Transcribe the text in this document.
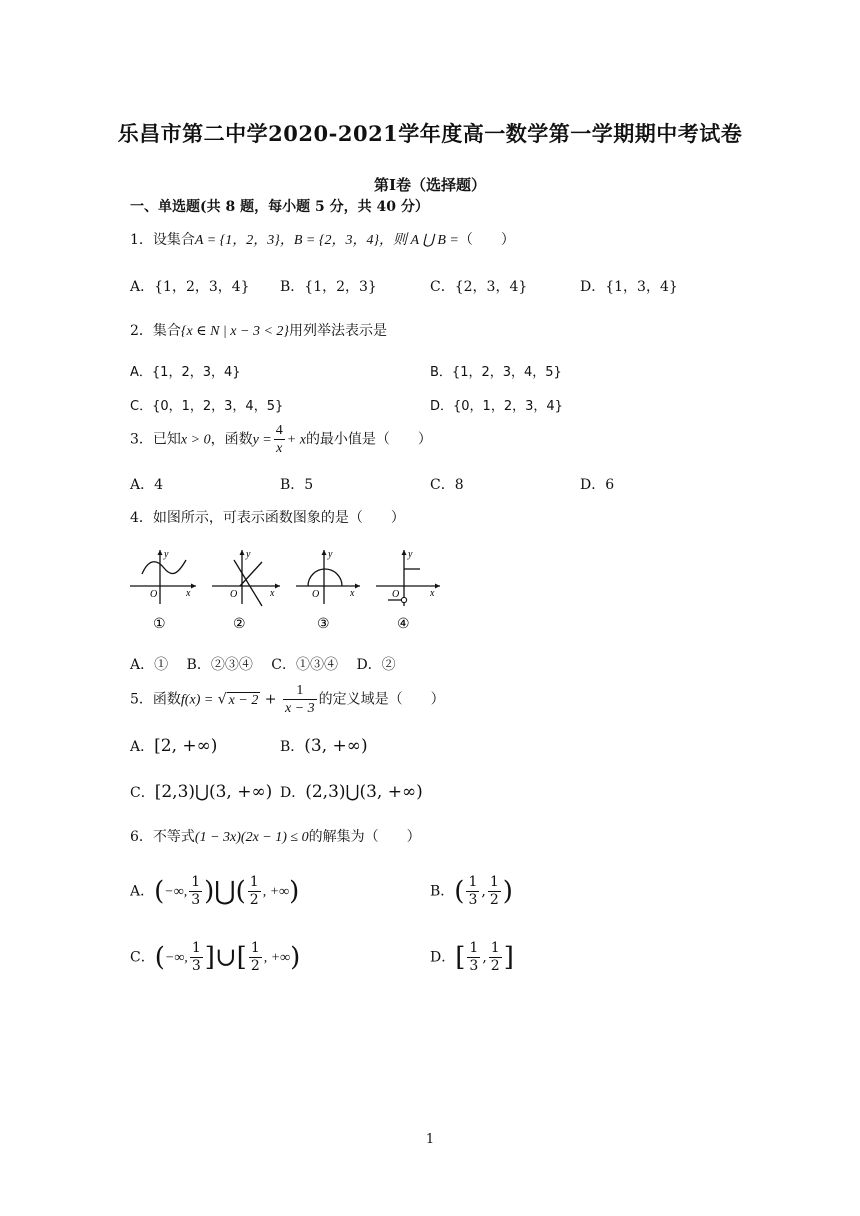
乐昌市第二中学2020-2021学年度高一数学第一学期期中考试卷
第Ⅰ卷（选择题）
一、单选题(共 8 题，每小题 5 分，共 40 分）
1．设集合A = {1，2，3}，B = {2，3，4}，则 A ⋃ B =（　　）
A．{1，2，3，4} B．{1，2，3}	C．{2，3，4}	D．{1，3，4}
2．集合{x ∈ N | x − 3 < 2}用列举法表示是
A．{1，2，3，4}	B．{1，2，3，4，5}
C．{0，1，2，3，4，5}	D．{0，1，2，3，4}
3．已知x > 0，函数$y = \frac{4}{x} + x$的最小值是（　　）
A．4	B．5	C．8	D．6
4．如图所示，可表示函数图象的是（　　）
y
x
O
①
y
x
O
②
y
x
O
③
y
x
O
④
A．①　 B．②③④　 C．①③④　 D．②
5．函数f(x) = √ $x - 2 + \frac{1}{x - 3}$ 的定义域是（　　）
A．[2, +∞)	B．(3, +∞)
C．[2,3)⋃(3, +∞) D．(2,3)⋃(3, +∞)
6．不等式(1 − 3x)(2x − 1) ≤ 0的解集为（　　）
A．(−∞, $\frac{1}{3}$ )⋃( $\frac{1}{2}$ , +∞)	B．( $\frac{1}{3}$ , $\frac{1}{2}$ )
C．(−∞, $\frac{1}{3}$ ]∪[ $\frac{1}{2}$ , +∞)	D．[ $\frac{1}{3}$ , $\frac{1}{2}$ ]
1
